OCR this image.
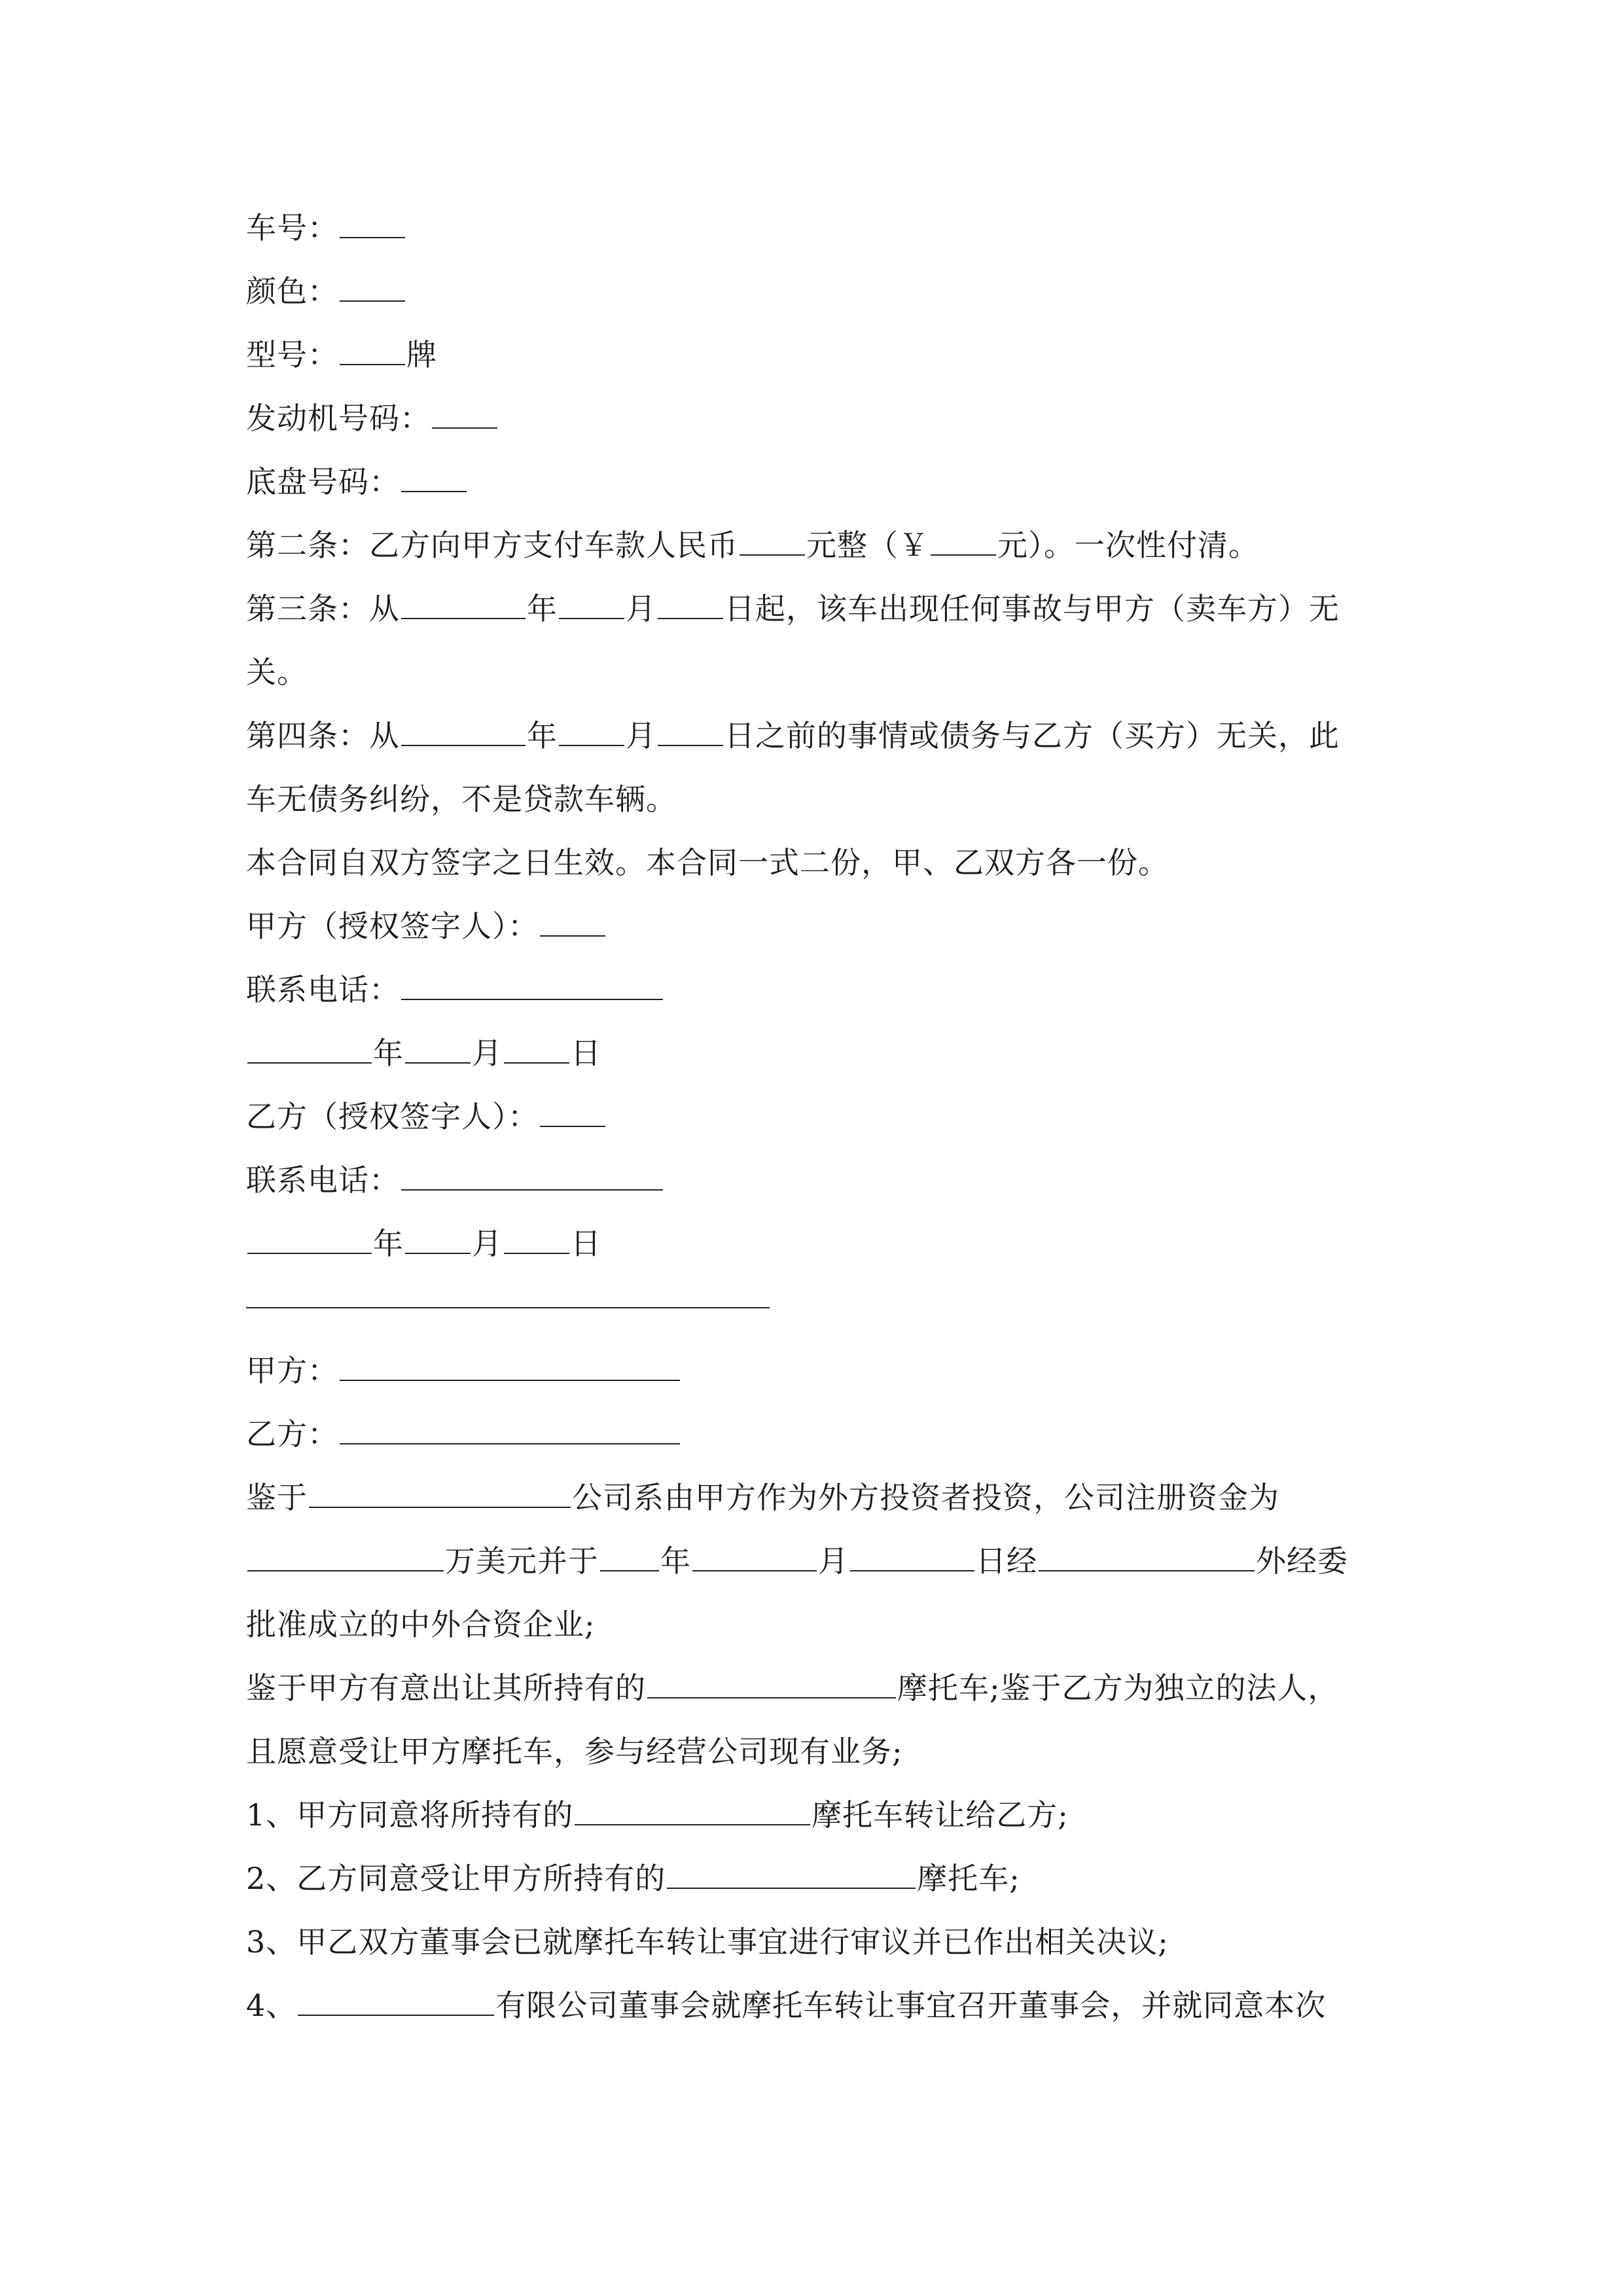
车号：
颜色：
型号： 牌
发动机号码：
底盘号码：
第二条：乙方向甲方支付车款人民币 元整（￥ 元）。一次性付清。
第三条：从	年 月 日起，该车出现任何事故与甲方（卖车方）无
关。
第四条：从	年 月 日之前的事情或债务与乙方（买方）无关，此
车无债务纠纷，不是贷款车辆。
本合同自双方签字之日生效。本合同一式二份，甲、乙双方各一份。
甲方（授权签字人）：
联系电话：
年 月 日
乙方（授权签字人）：
联系电话：
年 月 日
甲方：
乙方：
鉴于	公司系由甲方作为外方投资者投资，公司注册资金为
万美元并于 年	月	日经	外经委
批准成立的中外合资企业;
鉴于甲方有意出让其所持有的	摩托车;鉴于乙方为独立的法人，
且愿意受让甲方摩托车，参与经营公司现有业务;
1、甲方同意将所持有的	摩托车转让给乙方;
2、乙方同意受让甲方所持有的	摩托车;
3、甲乙双方董事会已就摩托车转让事宜进行审议并已作出相关决议;
4、	有限公司董事会就摩托车转让事宜召开董事会，并就同意本次
